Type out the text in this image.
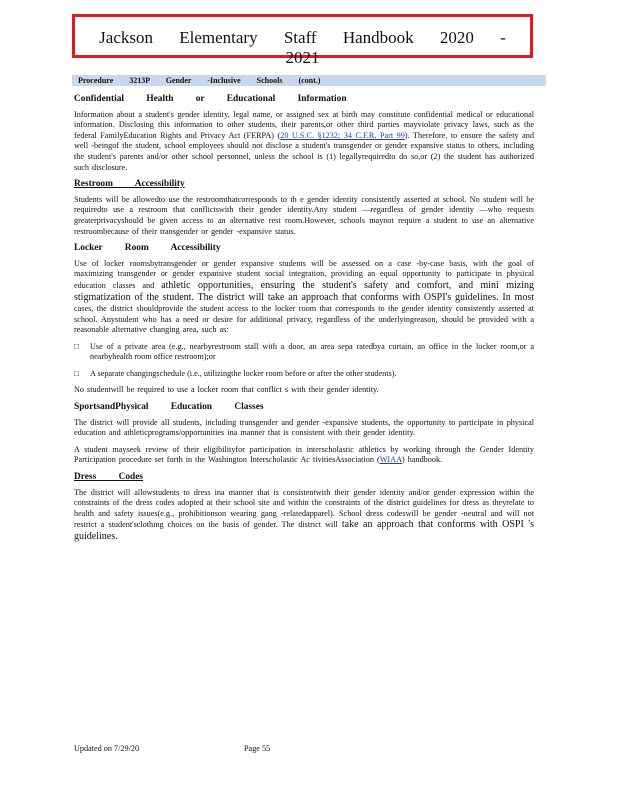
Jackson Elementary Staff Handbook 2020 - 2021
Procedure 3213P Gender -Inclusive Schools (cont.)
Confidential Health or Educational Information

Information about a student's gender identity, legal name, or assigned sex at birth may constitute confidential medical or educational information. Disclosing this information to other students, their parents,or other third parties mayviolate privacy laws, such as the federal FamilyEducation Rights and Privacy Act (FERPA) (20 U.S.C. §1232; 34 C.F.R. Part 99). Therefore, to ensure the safety and well -beingof the student, school employees should not disclose a student's transgender or gender expansive status to others, including the student's parents and/or other school personnel, unless the school is (1) legallyrequiredto do so,or (2) the student has authorized such disclosure.

Restroom Accessibility

Students will be allowedto use the restroomthatcorresponds to th e gender identity consistently asserted at school. No student will be requiredto use a restroom that conflictswith their gender identity.Any student —regardless of gender identity —who requests greaterprivacyshould be given access to an alternative rest room.However, schools maynot require a student to use an alternative restroombecause of their transgender or gender -expansive status.

Locker Room Accessibility

Use of locker roomsbytransgender or gender expansive students will be assessed on a case -by-case basis, with the goal of maximizing transgender or gender expansive student social integration, providing an equal opportunity to participate in physical education classes and athletic opportunities, ensuring the student's safety and comfort, and mini mizing stigmatization of the student. The district will take an approach that conforms with OSPI's guidelines. In most cases, the district shouldprovide the student access to the locker room that corresponds to the gender identity consistently asserted at school. Anystudent who has a need or desire for additional privacy, regardless of the underlyingreason, should be provided with a reasonable alternative changing area, such as:

□	Use of a private area (e.g., nearbyrestroom stall with a door, an area sepa ratedbya curtain, an office in the locker room,or a nearbyhealth room office restroom);or
□	A separate changingschedule (i.e., utilizingthe locker room before or after the other students).

No studentwill be required to use a locker room that conflict s with their gender identity.

SportsandPhysical Education Classes

The district will provide all students, including transgender and gender -expansive students, the opportunity to participate in physical education and athleticprograms/opportunities ina manner that is consistent with their gender identity.

A student mayseek review of their eligibilityfor participation in interscholastic athletics by working through the Gender Identity Participation procedure set forth in the Washington Interscholastic Ac tivitiesAssociation (WIAA) handbook.

Dress Codes

The district will allowstudents to dress ina manner that is consistentwith their gender identity and/or gender expression within the constraints of the dress codes adopted at their school site and within the constraints of the district guidelines for dress as theyrelate to health and safety issues(e.g., prohibitionson wearing gang -relatedapparel). School dress codeswill be gender -neutral and will not restrict a student'sclothing choices on the basis of gender. The district will take an approach that conforms with OSPI 's guidelines.

Updated on 7/29/20	Page 55
